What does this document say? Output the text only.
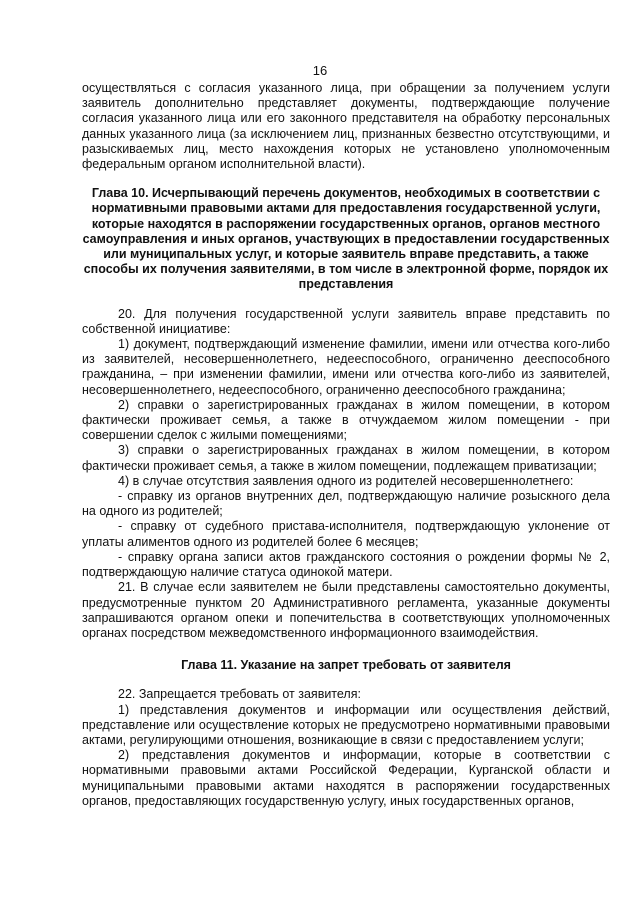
16

осуществляться с согласия указанного лица, при обращении за получением услуги заявитель дополнительно представляет документы, подтверждающие получение согласия указанного лица или его законного представителя на обработку персональных данных указанного лица (за исключением лиц, признанных безвестно отсутствующими, и разыскиваемых лиц, место нахождения которых не установлено уполномоченным федеральным органом исполнительной власти).

Глава 10. Исчерпывающий перечень документов, необходимых в соответствии с нормативными правовыми актами для предоставления государственной услуги, которые находятся в распоряжении государственных органов, органов местного самоуправления и иных органов, участвующих в предоставлении государственных или муниципальных услуг, и которые заявитель вправе представить, а также способы их получения заявителями, в том числе в электронной форме, порядок их представления

20. Для получения государственной услуги заявитель вправе представить по собственной инициативе:

1) документ, подтверждающий изменение фамилии, имени или отчества кого-либо из заявителей, несовершеннолетнего, недееспособного, ограниченно дееспособного гражданина, – при изменении фамилии, имени или отчества кого-либо из заявителей, несовершеннолетнего, недееспособного, ограниченно дееспособного гражданина;

2) справки о зарегистрированных гражданах в жилом помещении, в котором фактически проживает семья, а также в отчуждаемом жилом помещении - при совершении сделок с жилыми помещениями;

3) справки о зарегистрированных гражданах в жилом помещении, в котором фактически проживает семья, а также в жилом помещении, подлежащем приватизации;

4) в случае отсутствия заявления одного из родителей несовершеннолетнего:

- справку из органов внутренних дел, подтверждающую наличие розыскного дела на одного из родителей;

- справку от судебного пристава-исполнителя, подтверждающую уклонение от уплаты алиментов одного из родителей более 6 месяцев;

- справку органа записи актов гражданского состояния о рождении формы № 2, подтверждающую наличие статуса одинокой матери.

21. В случае если заявителем не были представлены самостоятельно документы, предусмотренные пунктом 20 Административного регламента, указанные документы запрашиваются органом опеки и попечительства в соответствующих уполномоченных органах посредством межведомственного информационного взаимодействия.

Глава 11. Указание на запрет требовать от заявителя

22. Запрещается требовать от заявителя:

1) представления документов и информации или осуществления действий, представление или осуществление которых не предусмотрено нормативными правовыми актами, регулирующими отношения, возникающие в связи с предоставлением услуги;

2) представления документов и информации, которые в соответствии с нормативными правовыми актами Российской Федерации, Курганской области и муниципальными правовыми актами находятся в распоряжении государственных органов, предоставляющих государственную услугу, иных государственных органов,
